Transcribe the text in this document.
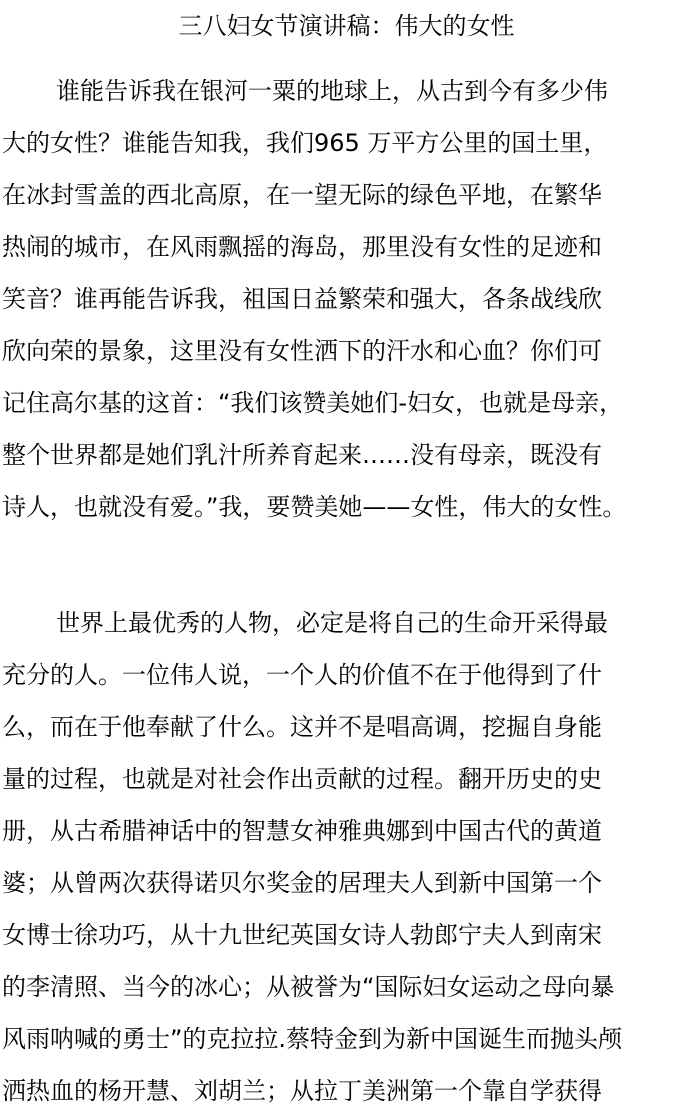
三八妇女节演讲稿：伟大的女性
谁能告诉我在银河一粟的地球上，从古到今有多少伟
大的女性？谁能告知我，我们965 万平方公里的国土里，
在冰封雪盖的西北高原，在一望无际的绿色平地，在繁华
热闹的城市，在风雨飘摇的海岛，那里没有女性的足迹和
笑音？谁再能告诉我，祖国日益繁荣和强大，各条战线欣
欣向荣的景象，这里没有女性洒下的汗水和心血？你们可
记住高尔基的这首：“我们该赞美她们-妇女，也就是母亲，
整个世界都是她们乳汁所养育起来……没有母亲，既没有
诗人，也就没有爱。”我，要赞美她——女性，伟大的女性。
世界上最优秀的人物，必定是将自己的生命开采得最
充分的人。一位伟人说，一个人的价值不在于他得到了什
么，而在于他奉献了什么。这并不是唱高调，挖掘自身能
量的过程，也就是对社会作出贡献的过程。翻开历史的史
册，从古希腊神话中的智慧女神雅典娜到中国古代的黄道
婆；从曾两次获得诺贝尔奖金的居理夫人到新中国第一个
女博士徐功巧，从十九世纪英国女诗人勃郎宁夫人到南宋
的李清照、当今的冰心；从被誉为“国际妇女运动之母向暴
风雨呐喊的勇士”的克拉拉.蔡特金到为新中国诞生而抛头颅
洒热血的杨开慧、刘胡兰；从拉丁美洲第一个靠自学获得
